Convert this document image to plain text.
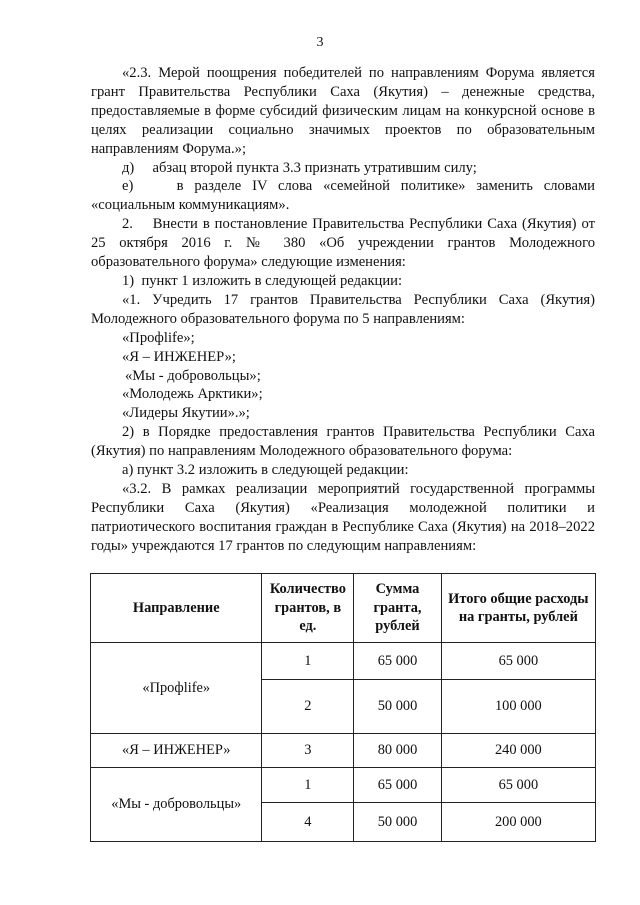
3

«2.3. Мерой поощрения победителей по направлениям Форума является грант Правительства Республики Саха (Якутия) – денежные средства, предоставляемые в форме субсидий физическим лицам на конкурсной основе в целях реализации социально значимых проектов по образовательным направлениям Форума.»;

д)     абзац второй пункта 3.3 признать утратившим силу;

е)    в разделе IV слова «семейной политике» заменить словами «социальным коммуникациям».

2.    Внести в постановление Правительства Республики Саха (Якутия) от 25 октября 2016 г. № 380 «Об учреждении грантов Молодежного образовательного форума» следующие изменения:

1)  пункт 1 изложить в следующей редакции:

«1. Учредить 17 грантов Правительства Республики Саха (Якутия) Молодежного образовательного форума по 5 направлениям:

«Профlife»;

«Я – ИНЖЕНЕР»;

«Мы - добровольцы»;

«Молодежь Арктики»;

«Лидеры Якутии».»;

2) в Порядке предоставления грантов Правительства Республики Саха (Якутия) по направлениям Молодежного образовательного форума:

а) пункт 3.2 изложить в следующей редакции:

«3.2. В рамках реализации мероприятий государственной программы Республики Саха (Якутия) «Реализация молодежной политики и патриотического воспитания граждан в Республике Саха (Якутия) на 2018–2022 годы» учреждаются 17 грантов по следующим направлениям:

Направление	Количество грантов, в ед.	Сумма гранта, рублей	Итого общие расходы на гранты, рублей
«Профlife»	1	65 000	65 000
	2	50 000	100 000
«Я – ИНЖЕНЕР»	3	80 000	240 000
«Мы - добровольцы»	1	65 000	65 000
	4	50 000	200 000
